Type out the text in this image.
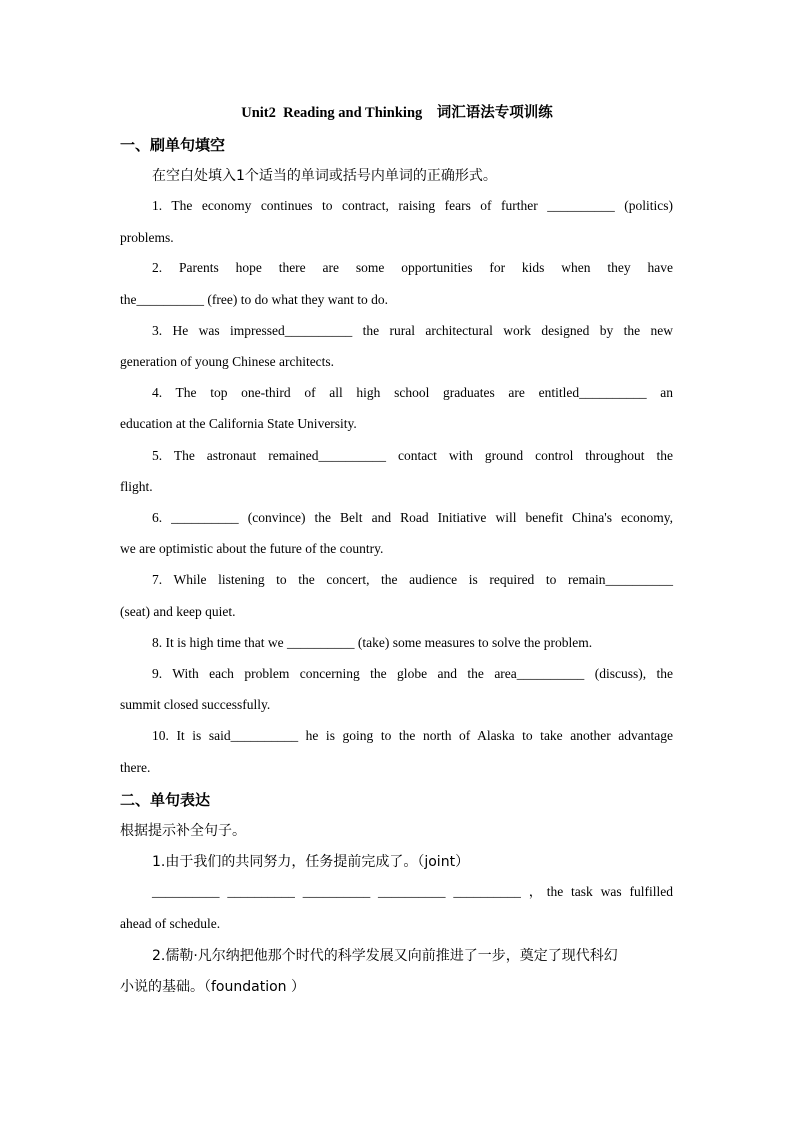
Unit2  Reading and Thinking    词汇语法专项训练
一、刷单句填空
在空白处填入1个适当的单词或括号内单词的正确形式。
1. The economy continues to contract, raising fears of further __________ (politics)
problems.
2. Parents hope there are some opportunities for kids when they have
the__________ (free) to do what they want to do.
3. He was impressed__________ the rural architectural work designed by the new
generation of young Chinese architects.
4. The top one-third of all high school graduates are entitled__________ an
education at the California State University.
5. The astronaut remained__________ contact with ground control throughout the
flight.
6. __________ (convince) the Belt and Road Initiative will benefit China's economy,
we are optimistic about the future of the country.
7. While listening to the concert, the audience is required to remain__________
(seat) and keep quiet.
8. It is high time that we __________ (take) some measures to solve the problem.
9. With each problem concerning the globe and the area__________ (discuss), the
summit closed successfully.
10. It is said__________ he is going to the north of Alaska to take another advantage
there.
二、单句表达
根据提示补全句子。
1.由于我们的共同努力，任务提前完成了。（joint）
__________ __________ __________ __________ __________ ，the task was fulfilled
ahead of schedule.
2.儒勒·凡尔纳把他那个时代的科学发展又向前推进了一步，奠定了现代科幻
小说的基础。（foundation ）
